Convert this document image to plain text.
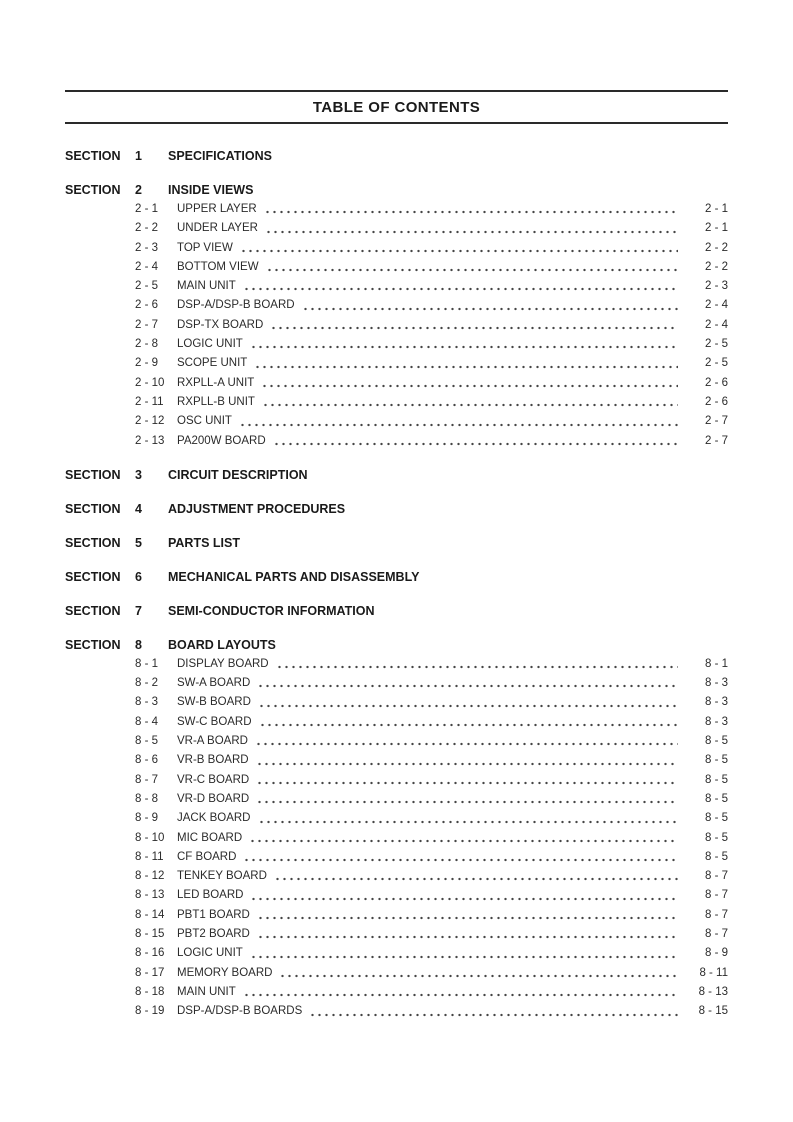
TABLE OF CONTENTS
SECTION	1	SPECIFICATIONS
SECTION	2	INSIDE VIEWS
2 - 1	UPPER LAYER	2 - 1
2 - 2	UNDER LAYER	2 - 1
2 - 3	TOP VIEW	2 - 2
2 - 4	BOTTOM VIEW	2 - 2
2 - 5	MAIN UNIT	2 - 3
2 - 6	DSP-A/DSP-B BOARD	2 - 4
2 - 7	DSP-TX BOARD	2 - 4
2 - 8	LOGIC UNIT	2 - 5
2 - 9	SCOPE UNIT	2 - 5
2 - 10	RXPLL-A UNIT	2 - 6
2 - 11	RXPLL-B UNIT	2 - 6
2 - 12	OSC UNIT	2 - 7
2 - 13	PA200W BOARD	2 - 7
SECTION	3	CIRCUIT DESCRIPTION
SECTION	4	ADJUSTMENT PROCEDURES
SECTION	5	PARTS LIST
SECTION	6	MECHANICAL PARTS AND DISASSEMBLY
SECTION	7	SEMI-CONDUCTOR INFORMATION
SECTION	8	BOARD LAYOUTS
8 - 1	DISPLAY BOARD	8 - 1
8 - 2	SW-A BOARD	8 - 3
8 - 3	SW-B BOARD	8 - 3
8 - 4	SW-C BOARD	8 - 3
8 - 5	VR-A BOARD	8 - 5
8 - 6	VR-B BOARD	8 - 5
8 - 7	VR-C BOARD	8 - 5
8 - 8	VR-D BOARD	8 - 5
8 - 9	JACK BOARD	8 - 5
8 - 10	MIC BOARD	8 - 5
8 - 11	CF BOARD	8 - 5
8 - 12	TENKEY BOARD	8 - 7
8 - 13	LED BOARD	8 - 7
8 - 14	PBT1 BOARD	8 - 7
8 - 15	PBT2 BOARD	8 - 7
8 - 16	LOGIC UNIT	8 - 9
8 - 17	MEMORY BOARD	8 - 11
8 - 18	MAIN UNIT	8 - 13
8 - 19	DSP-A/DSP-B BOARDS	8 - 15
